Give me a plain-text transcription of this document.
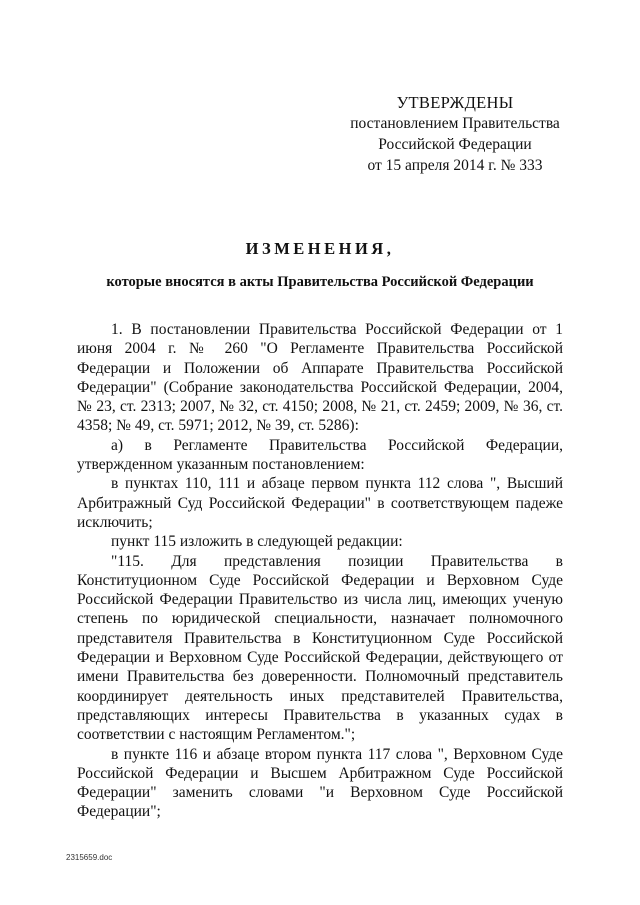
УТВЕРЖДЕНЫ
постановлением Правительства
Российской Федерации
от 15 апреля 2014 г. № 333
ИЗМЕНЕНИЯ,
которые вносятся в акты Правительства Российской Федерации

1. В постановлении Правительства Российской Федерации от 1 июня 2004 г. № 260 "О Регламенте Правительства Российской Федерации и Положении об Аппарате Правительства Российской Федерации" (Собрание законодательства Российской Федерации, 2004, № 23, ст. 2313; 2007, № 32, ст. 4150; 2008, № 21, ст. 2459; 2009, № 36, ст. 4358; № 49, ст. 5971; 2012, № 39, ст. 5286):

а) в Регламенте Правительства Российской Федерации, утвержденном указанным постановлением:

в пунктах 110, 111 и абзаце первом пункта 112 слова ", Высший Арбитражный Суд Российской Федерации" в соответствующем падеже исключить;

пункт 115 изложить в следующей редакции:

"115. Для представления позиции Правительства в Конституционном Суде Российской Федерации и Верховном Суде Российской Федерации Правительство из числа лиц, имеющих ученую степень по юридической специальности, назначает полномочного представителя Правительства в Конституционном Суде Российской Федерации и Верховном Суде Российской Федерации, действующего от имени Правительства без доверенности. Полномочный представитель координирует деятельность иных представителей Правительства, представляющих интересы Правительства в указанных судах в соответствии с настоящим Регламентом.";

в пункте 116 и абзаце втором пункта 117 слова ", Верховном Суде Российской Федерации и Высшем Арбитражном Суде Российской Федерации" заменить словами "и Верховном Суде Российской Федерации";

2315659.doc
